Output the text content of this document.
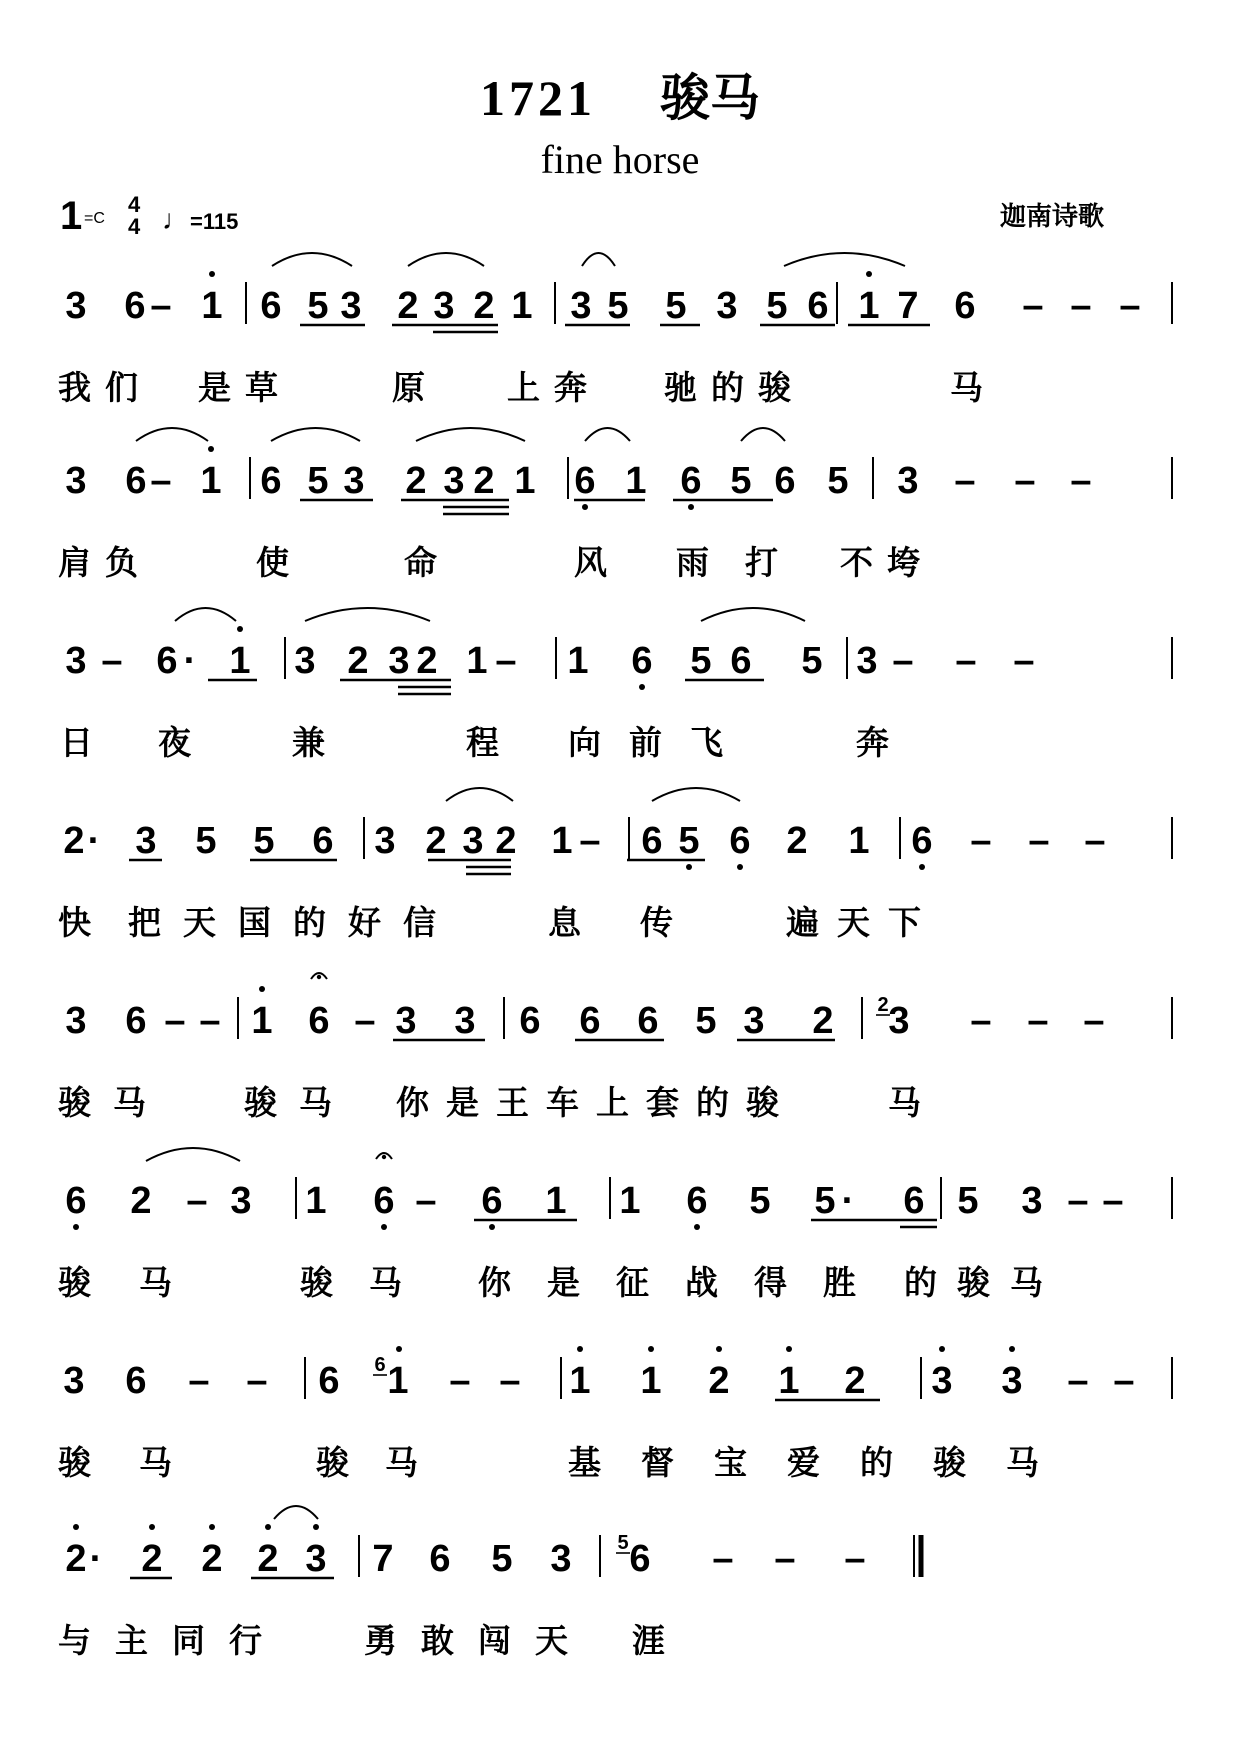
1721 骏马
fine horse
迦南诗歌
1 =C
4
4 ♩=115
3 6 – 1 6 5 3 2 3 2 1 3 5 5 3 5 6 1 7 6 – – –
3 6 – 1 6 5 3 2 3 2 1 6 1 6 5 6 5 3 – – –
3 – 6 · 1 3 2 3 2 1 – 1 6 5 6 5 3 – – –
2 · 3 5 5 6 3 2 3 2 1 – 6 5 6 2 1 6 – – –
3 6 – – 1 6 – 3 3 6 6 6 5 3 2 3 – – –
6 2 – 3 1 6 – 6 1 1 6 5 5 · 6 5 3 – –
3 6 – – 6 1 – – 1 1 2 1 2 3 3 – –
2 · 2 2 2 3 7 6 5 3 6 – – –
2
6
5
我们 是草	原 上奔 驰的骏	马
肩负	使	命	风 雨打 不垮
日 夜	兼	程 向前飞	奔
快 把天国的好信	息 传	遍天下
骏马 骏马 你是王车上套的骏	马
骏马 骏马 你是征战得胜 的骏马
骏马	骏马	基督宝爱的骏马
与主同行 勇敢闯天 涯
